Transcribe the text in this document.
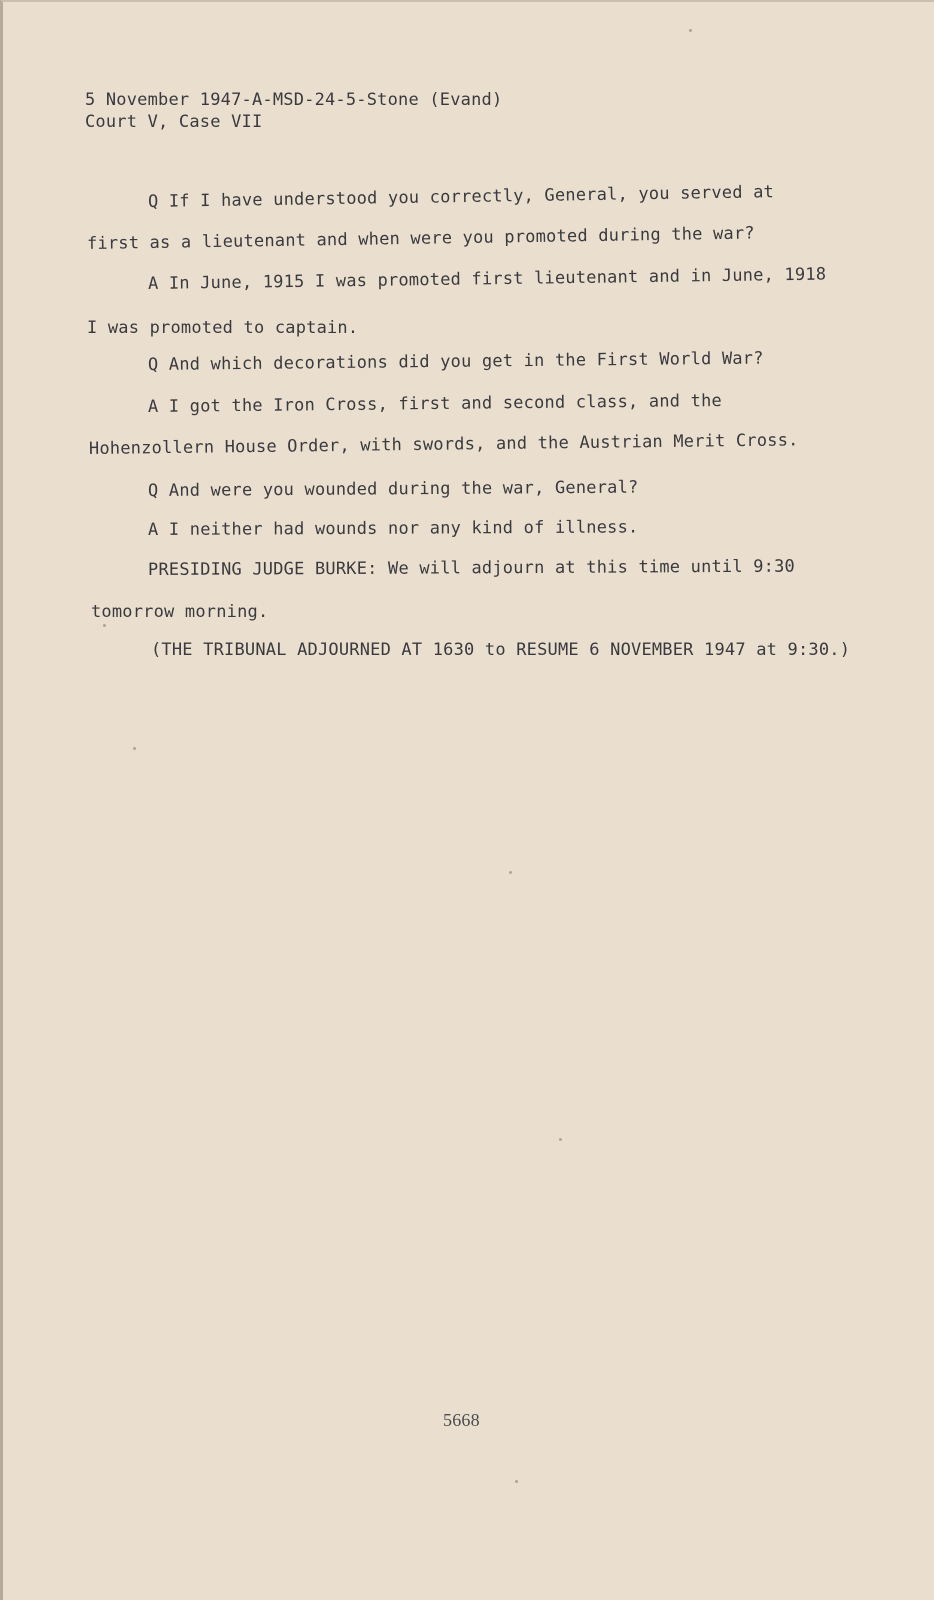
5 November 1947-A-MSD-24-5-Stone (Evand)
Court V, Case VII
Q If I have understood you correctly, General, you served at
first as a lieutenant and when were you promoted during the war?
A In June, 1915 I was promoted first lieutenant and in June, 1918
I was promoted to captain.
Q And which decorations did you get in the First World War?
A I got the Iron Cross, first and second class, and the
Hohenzollern House Order, with swords, and the Austrian Merit Cross.
Q And were you wounded during the war, General?
A I neither had wounds nor any kind of illness.
PRESIDING JUDGE BURKE: We will adjourn at this time until 9:30
tomorrow morning.
(THE TRIBUNAL ADJOURNED AT 1630 to RESUME 6 NOVEMBER 1947 at 9:30.)
5668
